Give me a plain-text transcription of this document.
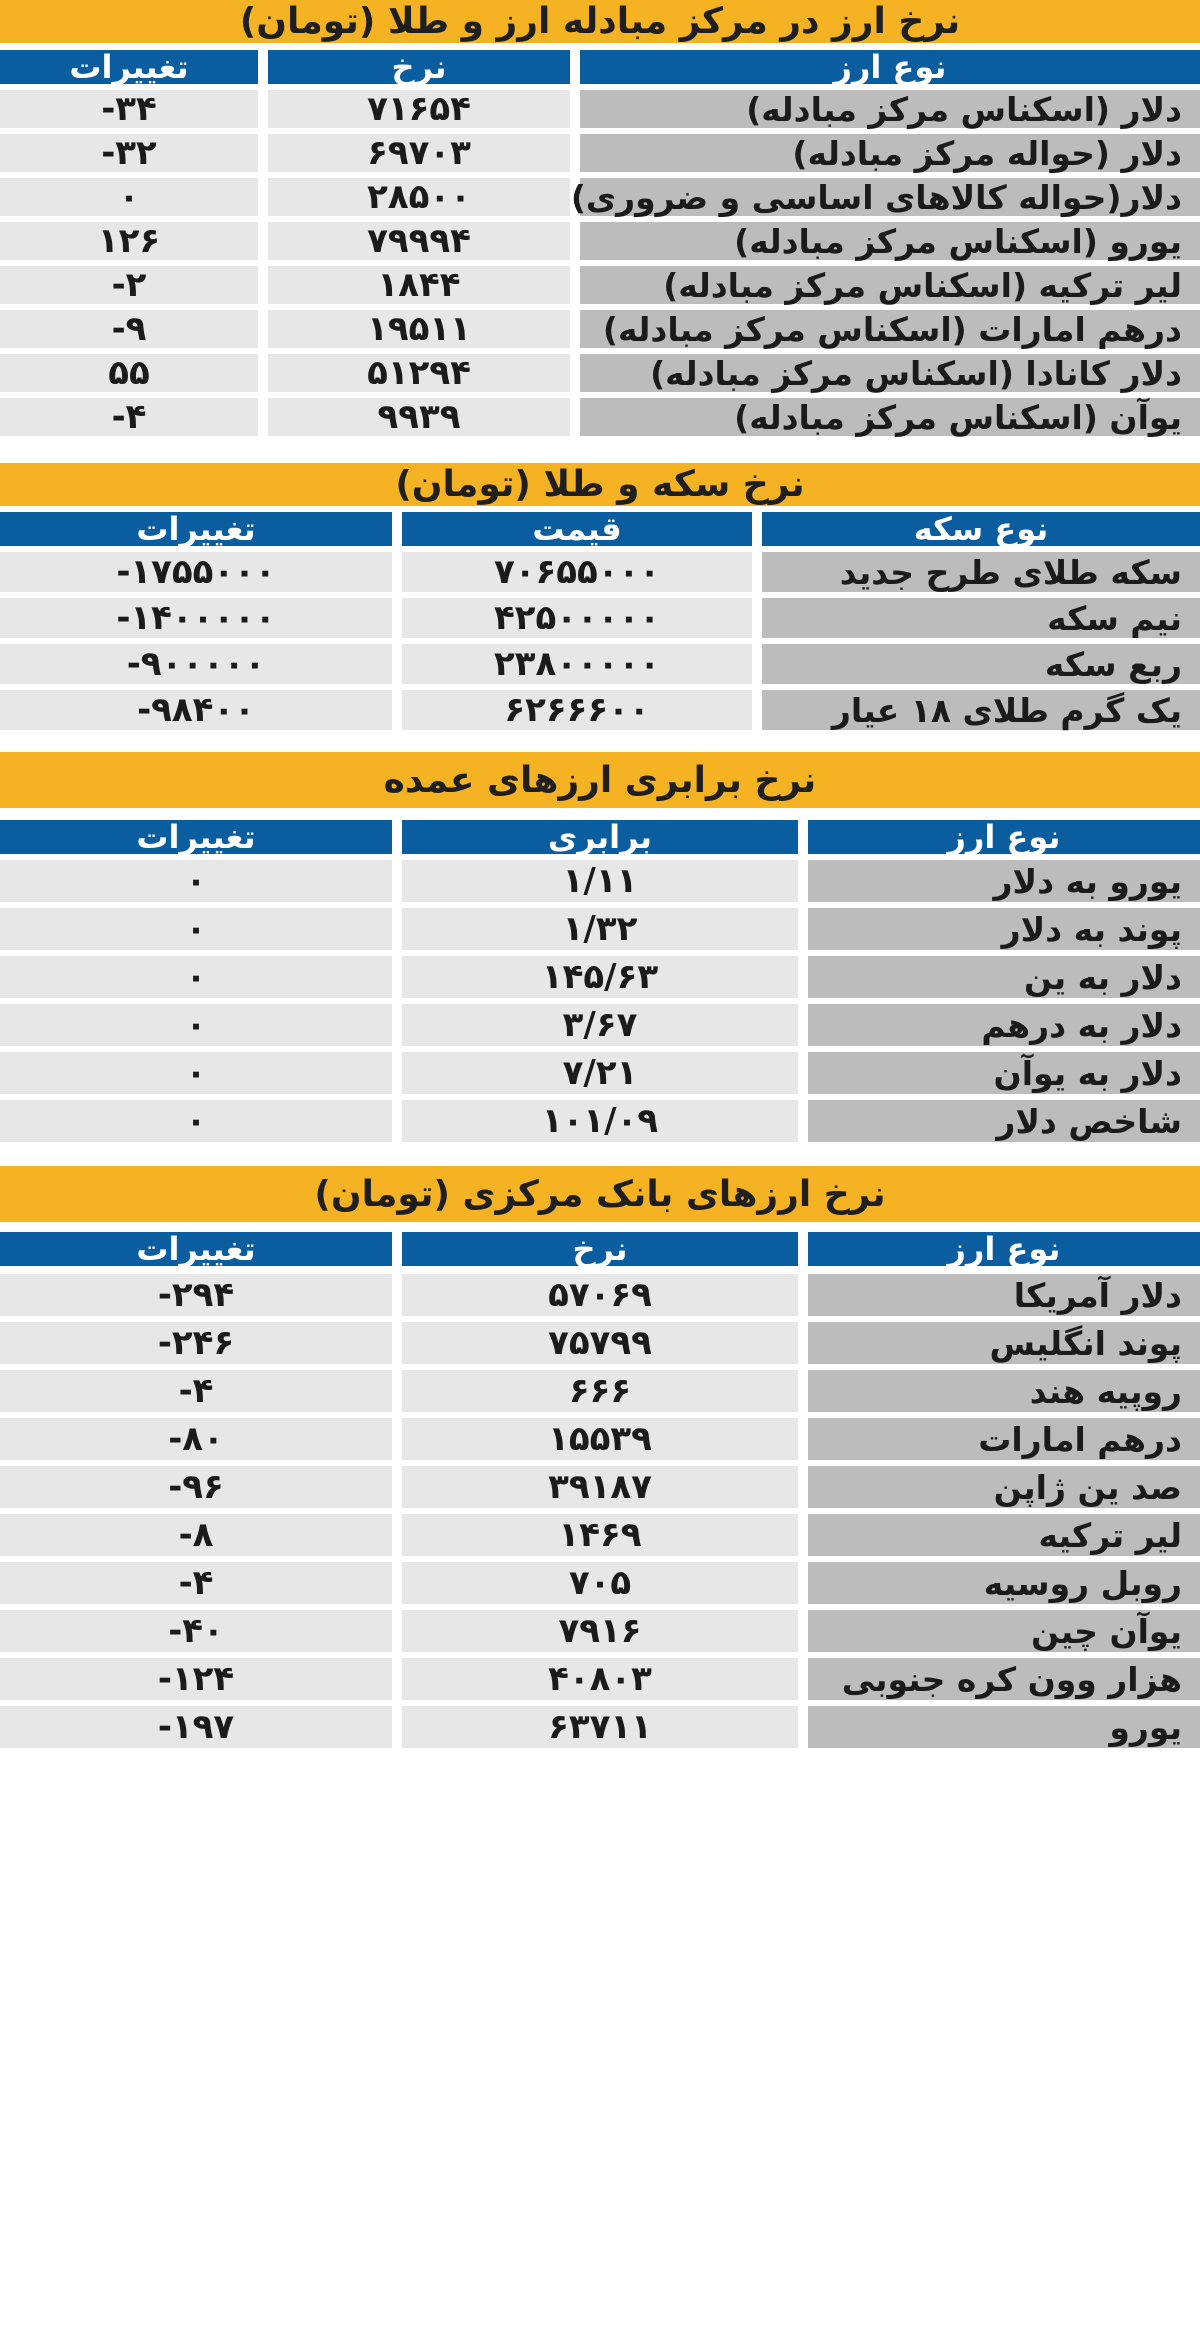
نرخ ارز در مرکز مبادله ارز و طلا (تومان)
نوع ارز
نرخ
تغییرات
دلار (اسکناس مرکز مبادله)
۷۱۶۵۴
-۳۴
دلار (حواله مرکز مبادله)
۶۹۷۰۳
-۳۲
دلار(حواله کالاهای اساسی و ضروری)
۲۸۵۰۰
۰
یورو (اسکناس مرکز مبادله)
۷۹۹۹۴
۱۲۶
لیر ترکیه (اسکناس مرکز مبادله)
۱۸۴۴
-۲
درهم امارات (اسکناس مرکز مبادله)
۱۹۵۱۱
-۹
دلار کانادا (اسکناس مرکز مبادله)
۵۱۲۹۴
۵۵
یوآن (اسکناس مرکز مبادله)
۹۹۳۹
-۴
نرخ سکه و طلا (تومان)
نوع سکه
قیمت
تغییرات
سکه طلای طرح جدید
۷۰۶۵۵۰۰۰
-۱۷۵۵۰۰۰
نیم سکه
۴۲۵۰۰۰۰۰
-۱۴۰۰۰۰۰
ربع سکه
۲۳۸۰۰۰۰۰
-۹۰۰۰۰۰
یک گرم طلای ۱۸ عیار
۶۲۶۶۶۰۰
-۹۸۴۰۰
نرخ برابری ارزهای عمده
نوع ارز
برابری
تغییرات
یورو به دلار
۱/۱۱
۰
پوند به دلار
۱/۳۲
۰
دلار به ین
۱۴۵/۶۳
۰
دلار به درهم
۳/۶۷
۰
دلار به یوآن
۷/۲۱
۰
شاخص دلار
۱۰۱/۰۹
۰
نرخ ارزهای بانک مرکزی (تومان)
نوع ارز
نرخ
تغییرات
دلار آمریکا
۵۷۰۶۹
-۲۹۴
پوند انگلیس
۷۵۷۹۹
-۲۴۶
روپیه هند
۶۶۶
-۴
درهم امارات
۱۵۵۳۹
-۸۰
صد ین ژاپن
۳۹۱۸۷
-۹۶
لیر ترکیه
۱۴۶۹
-۸
روبل روسیه
۷۰۵
-۴
یوآن چین
۷۹۱۶
-۴۰
هزار وون کره جنوبی
۴۰۸۰۳
-۱۲۴
یورو
۶۳۷۱۱
-۱۹۷
